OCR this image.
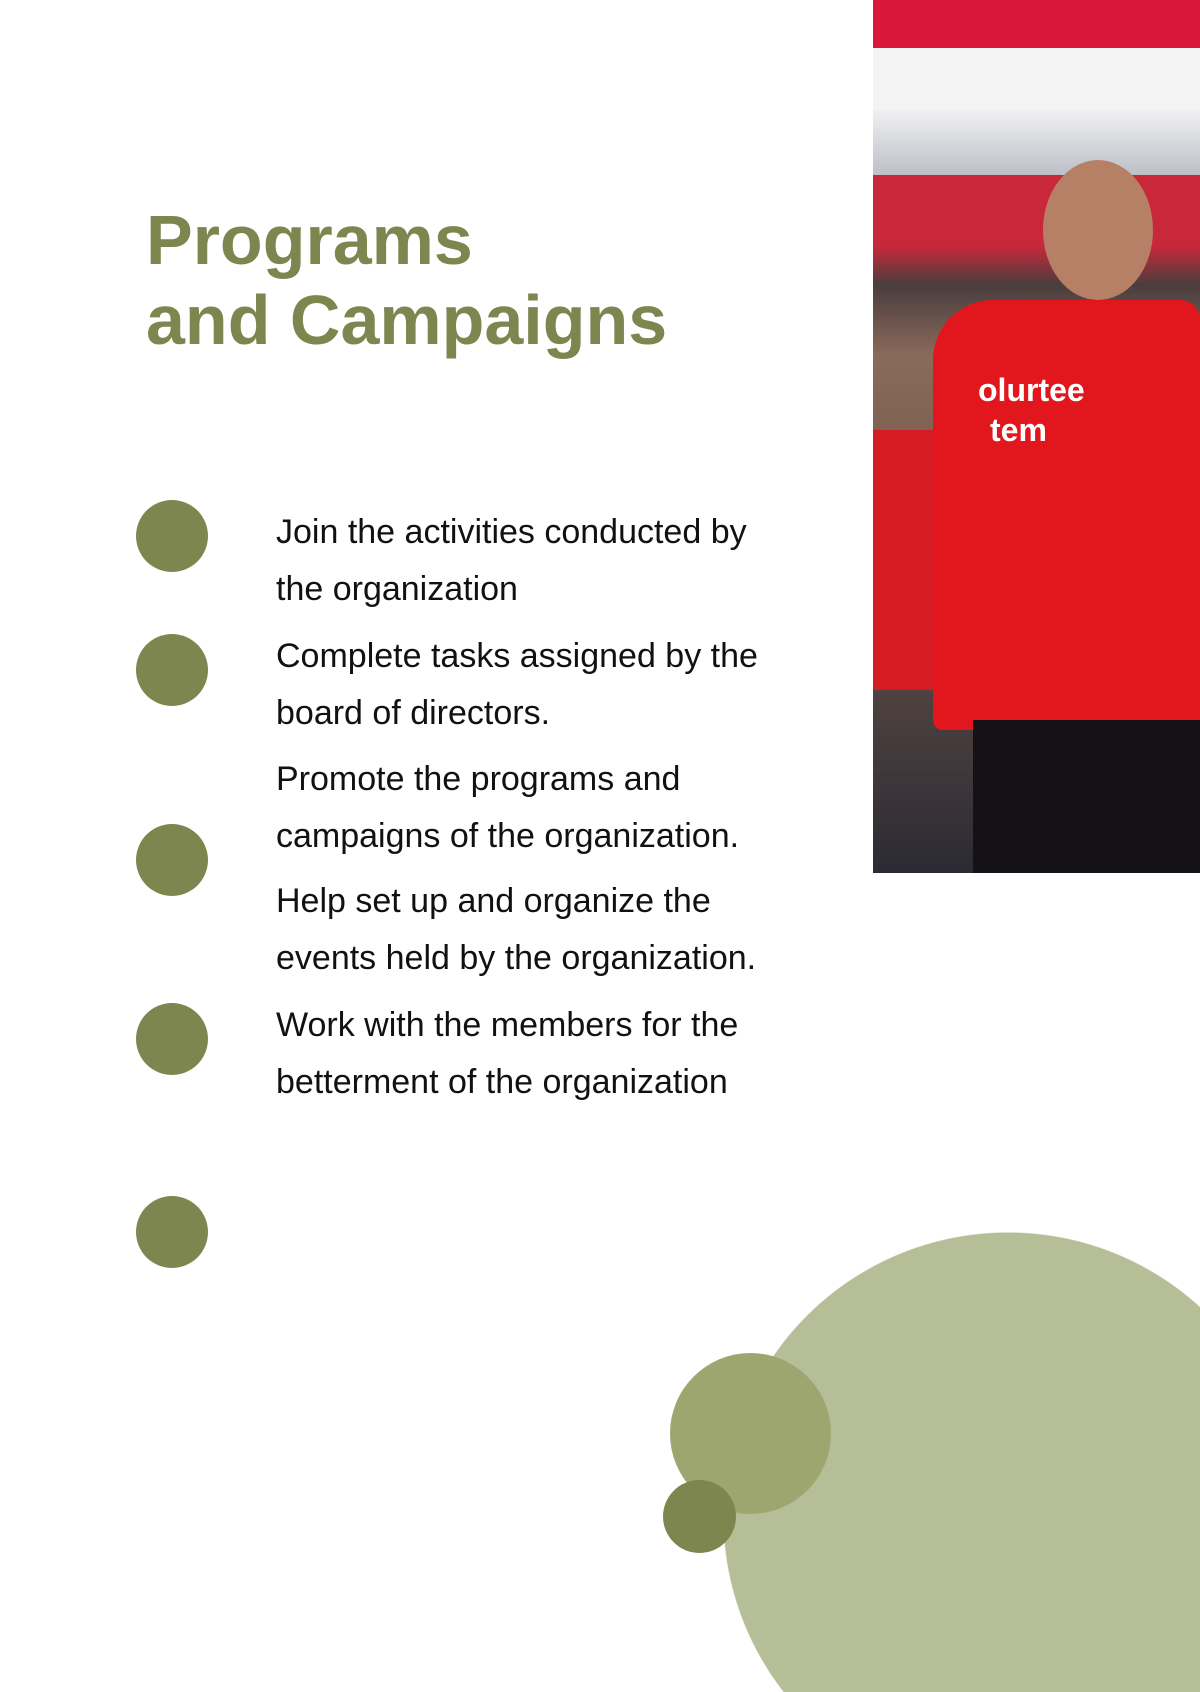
Programs
and Campaigns

Join the activities conducted by
the organization

Complete tasks assigned by the
board of directors.

Promote the programs and
campaigns of the organization.

Help set up and organize the
events held by the organization.

Work with the members for the
betterment of the organization

olurtee
tem
